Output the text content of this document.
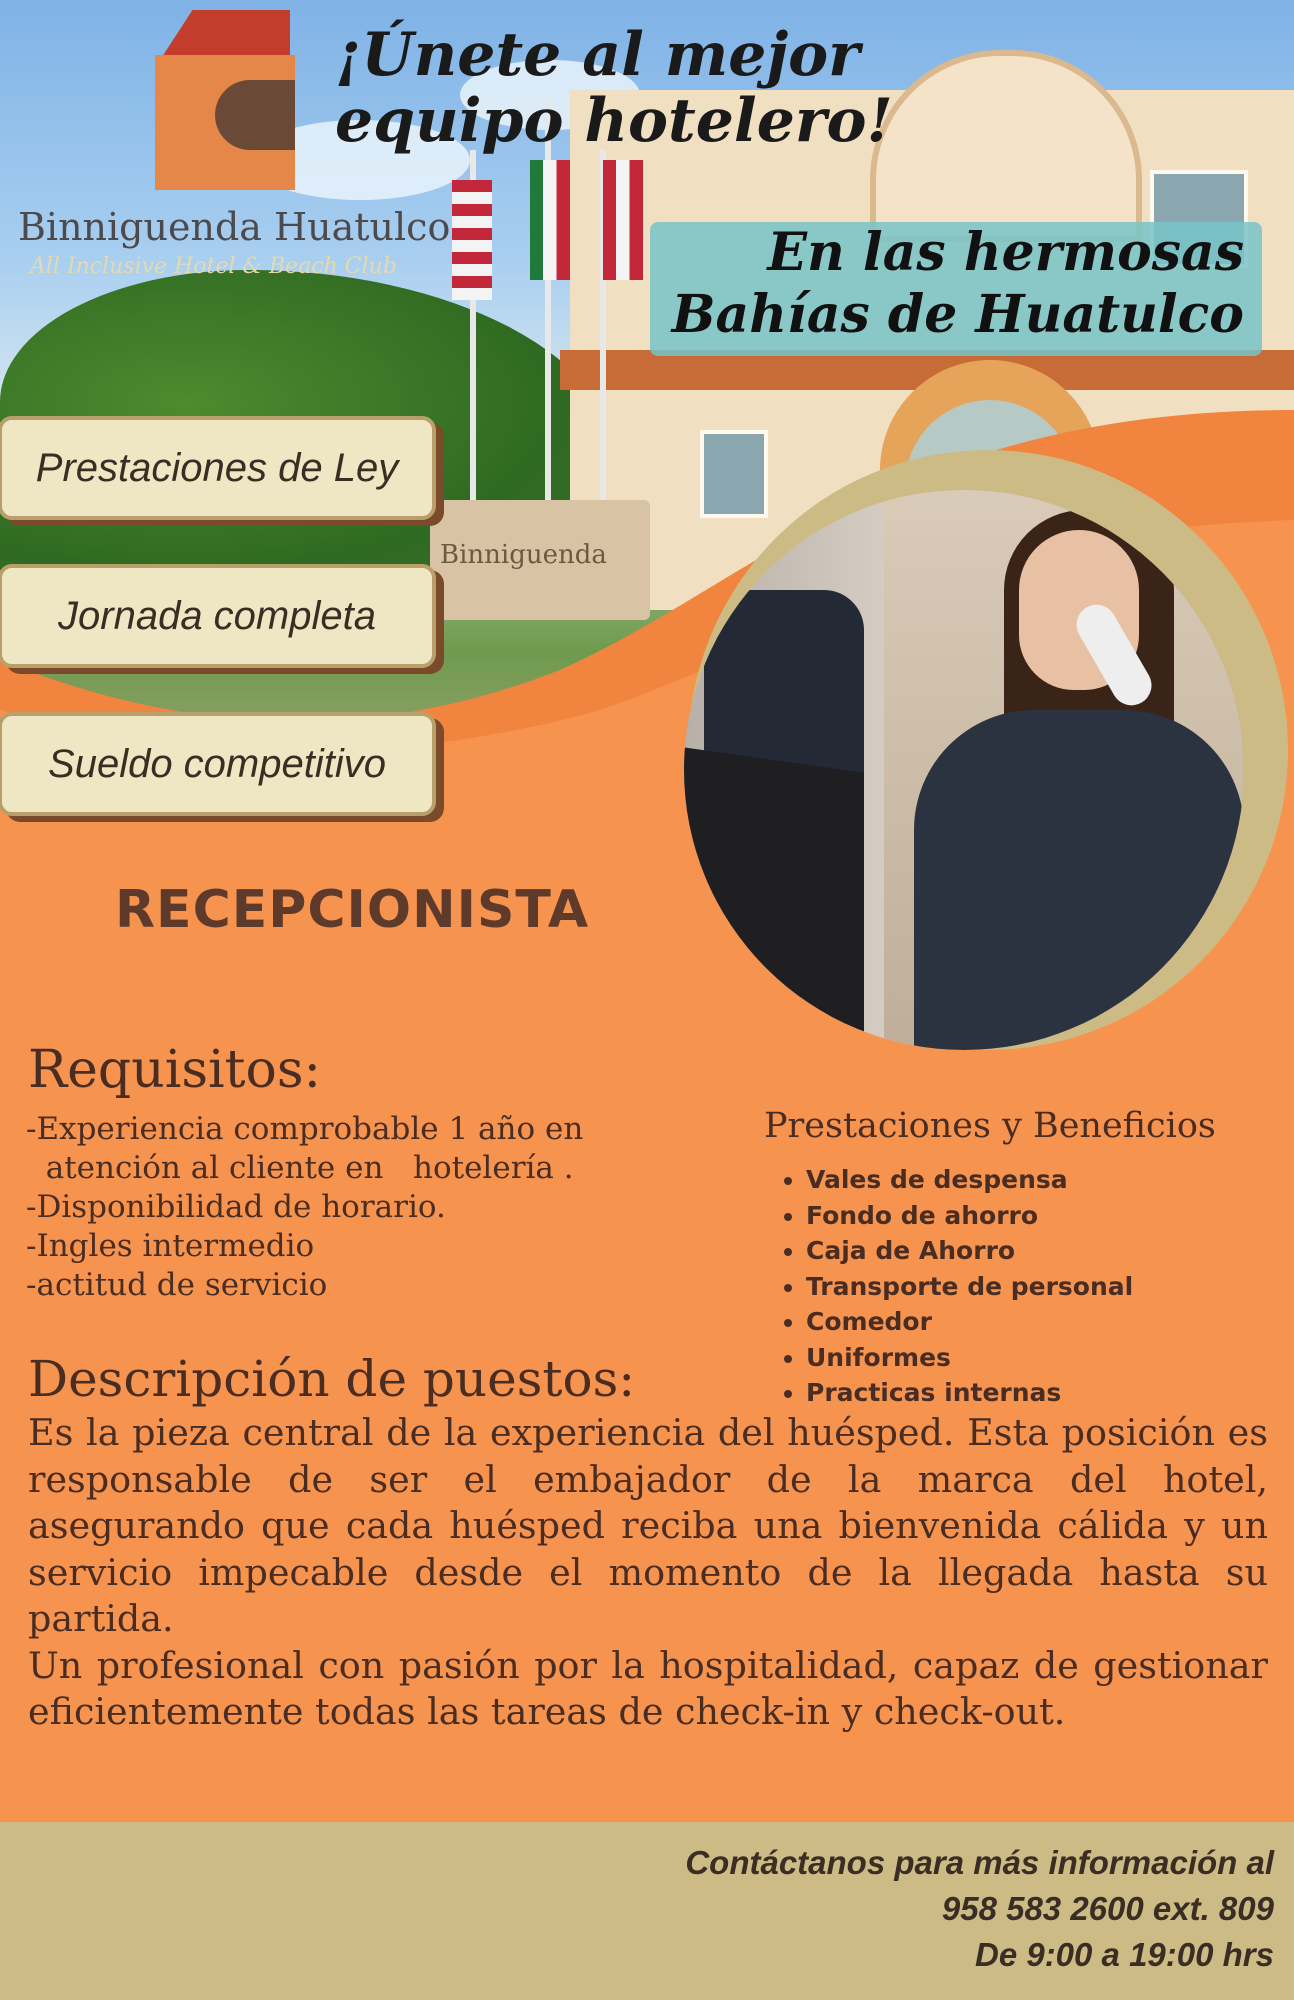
Binniguenda
Binniguenda Huatulco
All Inclusive Hotel & Beach Club
¡Únete al mejor
equipo hotelero!
En las hermosas
Bahías de Huatulco
Prestaciones de Ley
Jornada completa
Sueldo competitivo
RECEPCIONISTA
Requisitos:
-Experiencia comprobable 1 año en
atención al cliente en   hotelería .
-Disponibilidad de horario.
-Ingles intermedio
-actitud de servicio
Prestaciones y Beneficios
• Vales de despensa
• Fondo de ahorro
• Caja de Ahorro
• Transporte de personal
• Comedor
• Uniformes
• Practicas internas
Descripción de puestos:

Es la pieza central de la experiencia del huésped. Esta posición es responsable de ser el embajador de la marca del hotel, asegurando que cada huésped reciba una bienvenida cálida y un servicio impecable desde el momento de la llegada hasta su partida.

Un profesional con pasión por la hospitalidad, capaz de gestionar eficientemente todas las tareas de check-in y check-out.

Contáctanos para más información al
958 583 2600 ext. 809
De 9:00 a 19:00 hrs
